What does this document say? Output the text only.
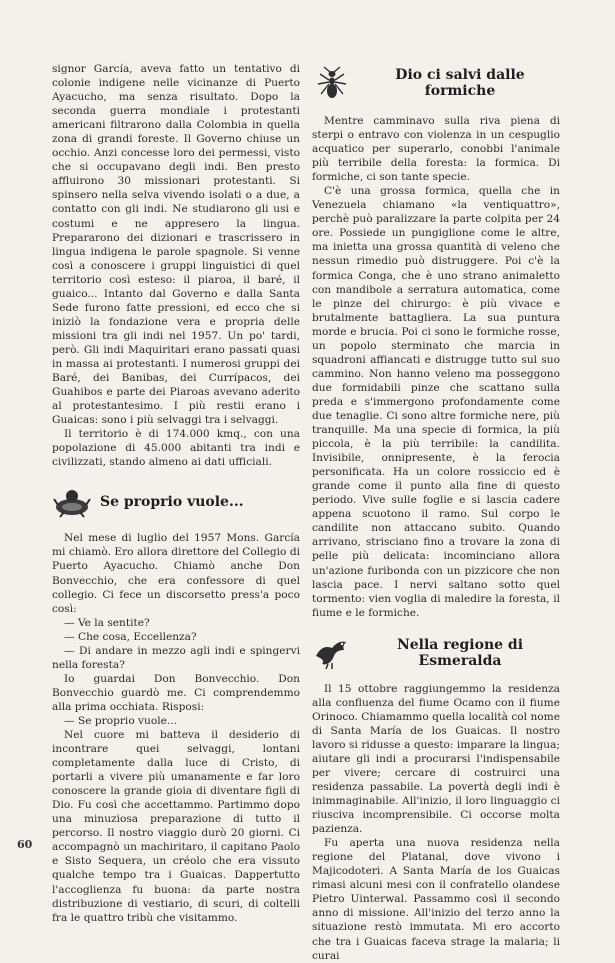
signor García, aveva fatto un tentativo di colonie indigene nelle vicinanze di Puerto Ayacucho, ma senza risultato. Dopo la seconda guerra mondiale i protestanti americani filtrarono dalla Colombia in quella zona di grandi foreste. Il Governo chiuse un occhio. Anzi concesse loro dei permessi, visto che si occupavano degli indi. Ben presto affluirono 30 missionari protestanti. Si spinsero nella selva vivendo isolati o a due, a contatto con gli indi. Ne studiarono gli usi e costumi e ne appresero la lingua. Prepararono dei dizionari e trascrissero in lingua indigena le parole spagnole. Si venne così a conoscere i gruppi linguistici di quel territorio così esteso: il piaroa, il baré, il guaico... Intanto dal Governo e dalla Santa Sede furono fatte pressioni, ed ecco che si iniziò la fondazione vera e propria delle missioni tra gli indi nel 1957. Un po' tardi, però. Gli indi Maquiritari erano passati quasi in massa ai protestanti. I numerosi gruppi dei Baré, dei Banibas, dei Currípacos, dei Guahibos e parte dei Piaroas avevano aderito al protestantesimo. I più restii erano i Guaicas: sono i più selvaggi tra i selvaggi.

Il territorio è di 174.000 kmq., con una popolazione di 45.000 abitanti tra indi e civilizzati, stando almeno ai dati ufficiali.

Se proprio vuole...

Nel mese di luglio del 1957 Mons. García mi chiamò. Ero allora direttore del Collegio di Puerto Ayacucho. Chiamò anche Don Bonvecchio, che era confessore di quel collegio. Ci fece un discorsetto press'a poco così:

— Ve la sentite?

— Che cosa, Eccellenza?

— Di andare in mezzo agli indi e spingervi nella foresta?

Io guardai Don Bonvecchio. Don Bonvecchio guardò me. Ci comprendemmo alla prima occhiata. Risposi:

— Se proprio vuole...

Nel cuore mi batteva il desiderio di incontrare quei selvaggi, lontani completamente dalla luce di Cristo, di portarli a vivere più umanamente e far loro conoscere la grande gioia di diventare figli di Dio. Fu così che accettammo. Partimmo dopo una minuziosa preparazione di tutto il percorso. Il nostro viaggio durò 20 giorni. Ci accompagnò un machiritaro, il capitano Paolo e Sisto Sequera, un créolo che era vissuto qualche tempo tra i Guaicas. Dappertutto l'accoglienza fu buona: da parte nostra distribuzione di vestiario, di scuri, di coltelli fra le quattro tribù che visitammo.

Dio ci salvi dalle formiche

Mentre camminavo sulla riva piena di sterpi o entravo con violenza in un cespuglio acquatico per superarlo, conobbi l'animale più terribile della foresta: la formica. Di formiche, ci son tante specie.

C'è una grossa formica, quella che in Venezuela chiamano «la ventiquattro», perchè può paralizzare la parte colpita per 24 ore. Possiede un pungiglione come le altre, ma inietta una grossa quantità di veleno che nessun rimedio può distruggere. Poi c'è la formica Conga, che è uno strano animaletto con mandibole a serratura automatica, come le pinze del chirurgo: è più vivace e brutalmente battagliera. La sua puntura morde e brucia. Poi ci sono le formiche rosse, un popolo sterminato che marcia in squadroni affiancati e distrugge tutto sul suo cammino. Non hanno veleno ma posseggono due formidabili pinze che scattano sulla preda e s'immergono profondamente come due tenaglie. Ci sono altre formiche nere, più tranquille. Ma una specie di formica, la più piccola, è la più terribile: la candilita. Invisibile, onnipresente, è la ferocia personificata. Ha un colore rossiccio ed è grande come il punto alla fine di questo periodo. Vive sulle foglie e si lascia cadere appena scuotono il ramo. Sul corpo le candilite non attaccano subito. Quando arrivano, strisciano fino a trovare la zona di pelle più delicata: incominciano allora un'azione furibonda con un pizzicore che non lascia pace. I nervi saltano sotto quel tormento: vien voglia di maledire la foresta, il fiume e le formiche.

Nella regione di Esmeralda

Il 15 ottobre raggiungemmo la residenza alla confluenza del fiume Ocamo con il fiume Orinoco. Chiamammo quella località col nome di Santa María de los Guaicas. Il nostro lavoro si ridusse a questo: imparare la lingua; aiutare gli indi a procurarsi l'indispensabile per vivere; cercare di costruirci una residenza passabile. La povertà degli indi è inimmaginabile. All'inizio, il loro linguaggio ci riusciva incomprensibile. Ci occorse molta pazienza.

Fu aperta una nuova residenza nella regione del Platanal, dove vivono i Majicodoteri. A Santa María de los Guaicas rimasi alcuni mesi con il confratello olandese Pietro Uinterwal. Passammo così il secondo anno di missione. All'inizio del terzo anno la situazione restò immutata. Mi ero accorto che tra i Guaicas faceva strage la malaria; li curai

60
